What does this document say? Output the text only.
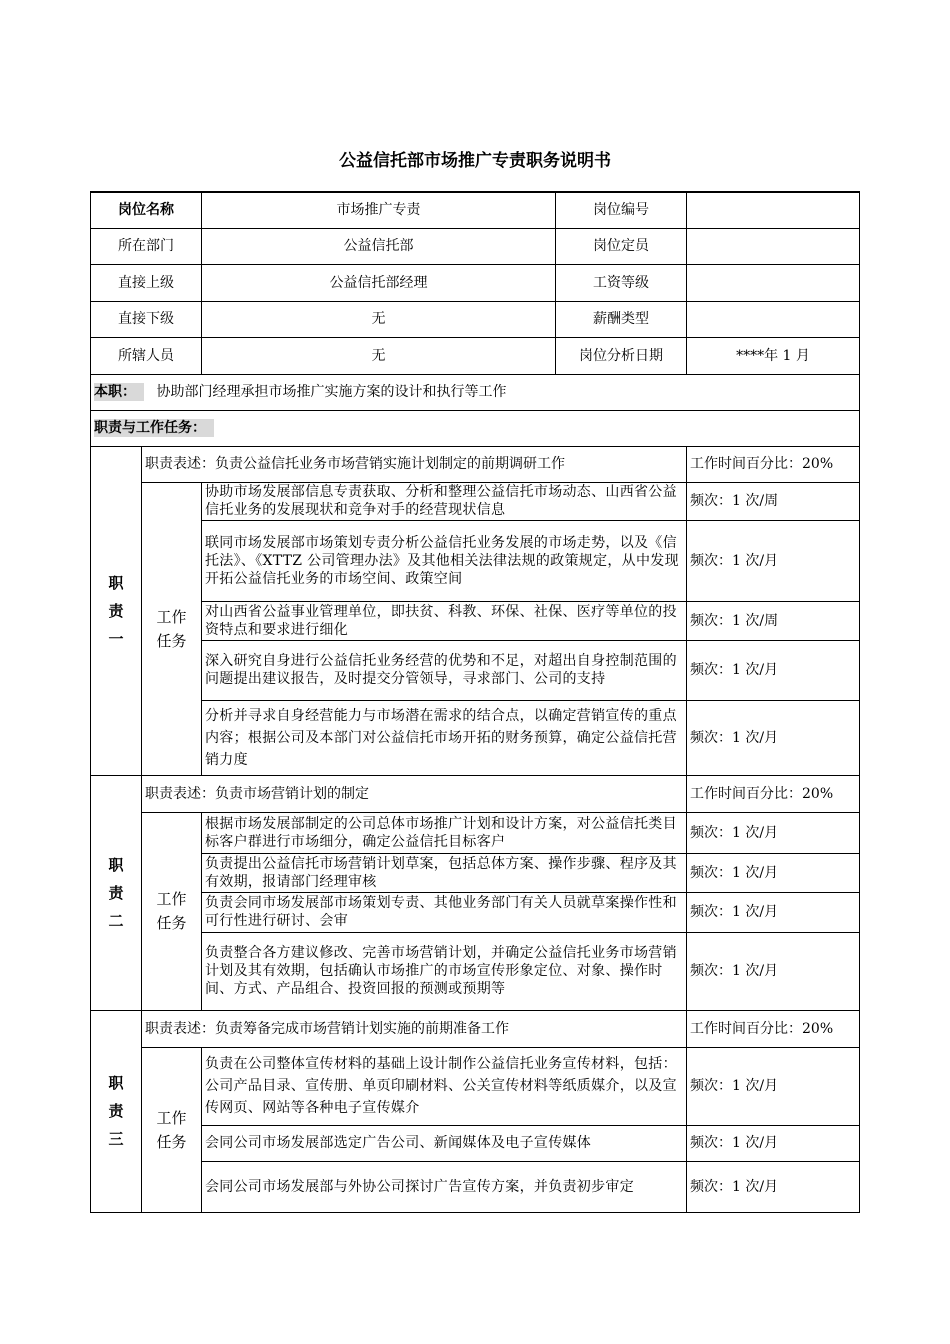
公益信托部市场推广专责职务说明书
岗位名称		市场推广专责	岗位编号	
所在部门		公益信托部	岗位定员	
直接上级		公益信托部经理	工资等级	
直接下级		无	薪酬类型	
所辖人员		无	岗位分析日期	****年 1 月
本职： 协助部门经理承担市场推广实施方案的设计和执行等工作				
职责与工作任务：				
职责一	职责表述：负责公益信托业务市场营销实施计划制定的前期调研工作			工作时间百分比：20%
	工作任务	协助市场发展部信息专责获取、分析和整理公益信托市场动态、山西省公益信托业务的发展现状和竞争对手的经营现状信息		频次：1 次/周
		联同市场发展部市场策划专责分析公益信托业务发展的市场走势，以及《信托法》、《XTTZ 公司管理办法》及其他相关法律法规的政策规定，从中发现开拓公益信托业务的市场空间、政策空间		频次：1 次/月
		对山西省公益事业管理单位，即扶贫、科教、环保、社保、医疗等单位的投资特点和要求进行细化		频次：1 次/周
		深入研究自身进行公益信托业务经营的优势和不足，对超出自身控制范围的问题提出建议报告，及时提交分管领导，寻求部门、公司的支持		频次：1 次/月
		分析并寻求自身经营能力与市场潜在需求的结合点，以确定营销宣传的重点内容；根据公司及本部门对公益信托市场开拓的财务预算，确定公益信托营销力度		频次：1 次/月
职责二	职责表述：负责市场营销计划的制定			工作时间百分比：20%
	工作任务	根据市场发展部制定的公司总体市场推广计划和设计方案，对公益信托类目标客户群进行市场细分，确定公益信托目标客户		频次：1 次/月
		负责提出公益信托市场营销计划草案，包括总体方案、操作步骤、程序及其有效期，报请部门经理审核		频次：1 次/月
		负责会同市场发展部市场策划专责、其他业务部门有关人员就草案操作性和可行性进行研讨、会审		频次：1 次/月
		负责整合各方建议修改、完善市场营销计划，并确定公益信托业务市场营销计划及其有效期，包括确认市场推广的市场宣传形象定位、对象、操作时间、方式、产品组合、投资回报的预测或预期等		频次：1 次/月
职责三	职责表述：负责筹备完成市场营销计划实施的前期准备工作			工作时间百分比：20%
	工作任务	负责在公司整体宣传材料的基础上设计制作公益信托业务宣传材料，包括：公司产品目录、宣传册、单页印刷材料、公关宣传材料等纸质媒介，以及宣传网页、网站等各种电子宣传媒介		频次：1 次/月
		会同公司市场发展部选定广告公司、新闻媒体及电子宣传媒体		频次：1 次/月
		会同公司市场发展部与外协公司探讨广告宣传方案，并负责初步审定		频次：1 次/月
